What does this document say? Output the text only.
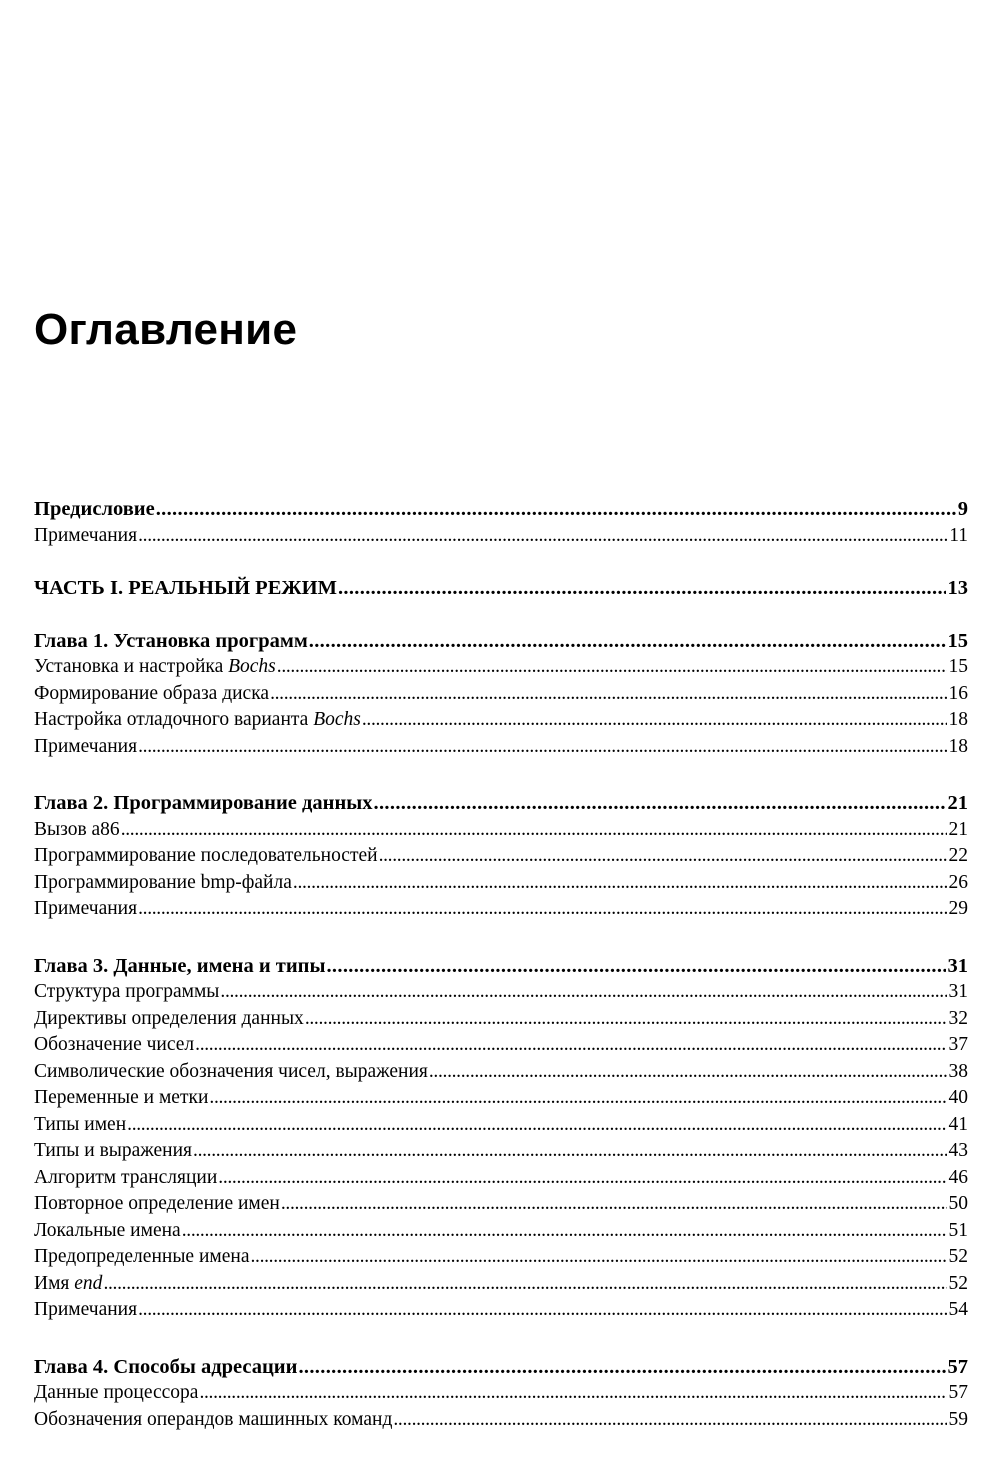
Оглавление
Предисловие . . .	9
Примечания . . .	11
ЧАСТЬ I. РЕАЛЬНЫЙ РЕЖИМ . . .	13
Глава 1. Установка программ . . .	15
Установка и настройка Bochs . . .	15
Формирование образа диска . . .	16
Настройка отладочного варианта Bochs . . .	18
Примечания . . .	18
Глава 2. Программирование данных . . .	21
Вызов a86 . . .	21
Программирование последовательностей . . .	22
Программирование bmp-файла . . .	26
Примечания . . .	29
Глава 3. Данные, имена и типы . . .	31
Структура программы . . .	31
Директивы определения данных . . .	32
Обозначение чисел . . .	37
Символические обозначения чисел, выражения . . .	38
Переменные и метки . . .	40
Типы имен . . .	41
Типы и выражения . . .	43
Алгоритм трансляции . . .	46
Повторное определение имен . . .	50
Локальные имена . . .	51
Предопределенные имена . . .	52
Имя end . . .	52
Примечания . . .	54
Глава 4. Способы адресации . . .	57
Данные процессора . . .	57
Обозначения операндов машинных команд . . .	59
